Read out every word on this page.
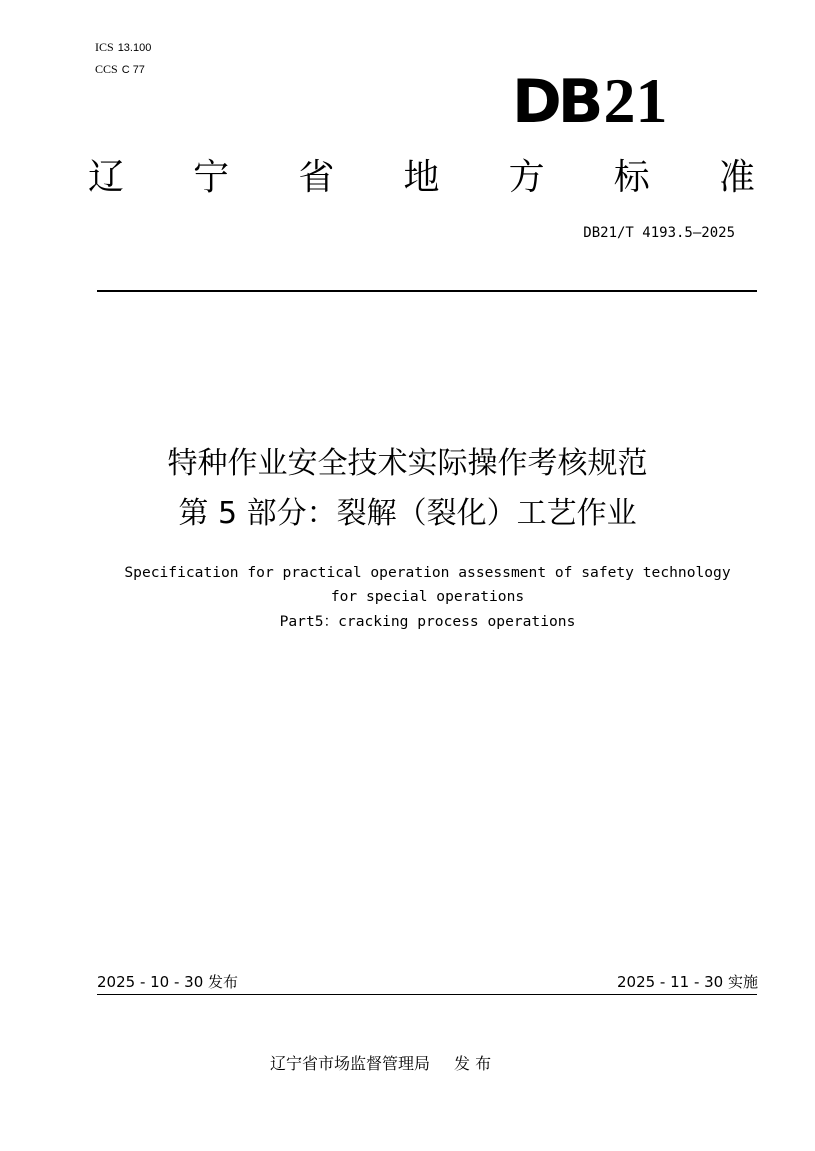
ICS 13.100
CCS C 77	DB21
辽 宁 省 地 方 标 准
DB21/T 4193.5—2025
特种作业安全技术实际操作考核规范
第 5 部分：裂解（裂化）工艺作业
Specification for practical operation assessment of safety technology
for special operations
Part5：cracking process operations
2025 - 10 - 30 发布	2025 - 11 - 30 实施
辽宁省市场监督管理局 发 布
